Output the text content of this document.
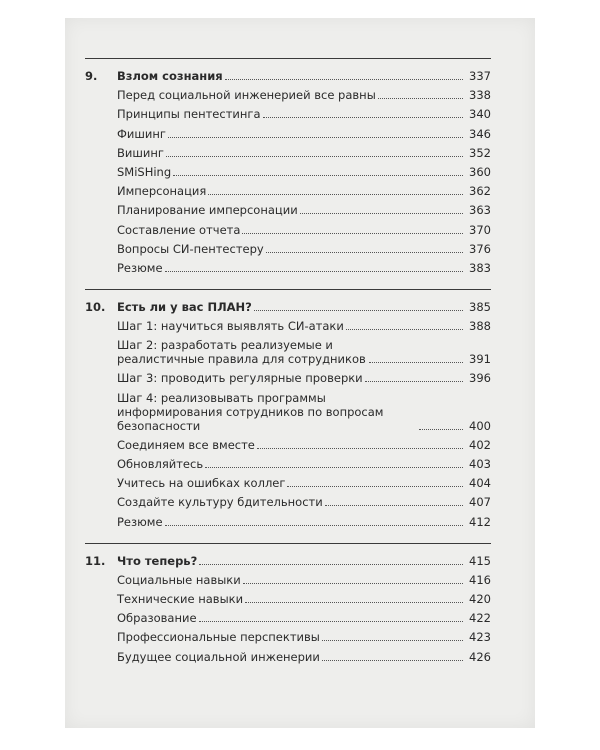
9.	Взлом сознания	337
Перед социальной инженерией все равны	338
Принципы пентестинга	340
Фишинг	346
Вишинг	352
SMiSHing	360
Имперсонация	362
Планирование имперсонации	363
Составление отчета	370
Вопросы СИ-пентестеру	376
Резюме	383
10.	Есть ли у вас ПЛАН?	385
Шаг 1: научиться выявлять СИ-атаки	388
Шаг 2: разработать реализуемые и реалистичные правила для сотрудников	391
Шаг 3: проводить регулярные проверки	396
Шаг 4: реализовывать программы информирования сотрудников по вопросам безопасности	400
Соединяем все вместе	402
Обновляйтесь	403
Учитесь на ошибках коллег	404
Создайте культуру бдительности	407
Резюме	412
11.	Что теперь?	415
Социальные навыки	416
Технические навыки	420
Образование	422
Профессиональные перспективы	423
Будущее социальной инженерии	426
